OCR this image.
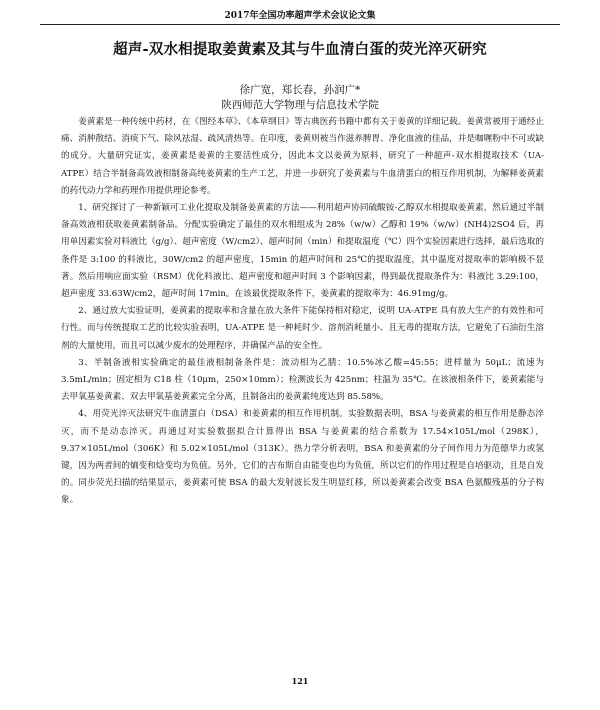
2017年全国功率超声学术会议论文集
超声-双水相提取姜黄素及其与牛血清白蛋的荧光淬灭研究
徐广宽，郑长春，孙润广*
陕西师范大学物理与信息技术学院

姜黄素是一种传统中药材，在《图经本草》、《本草纲目》等古典医药书籍中都有关于姜黄的详细记载。姜黄常被用于通经止痛、消肿散结、消痰下气、除风祛湿、疏风清热等。在印度，姜黄则被当作滋养脾胃、净化血液的佳品，并是咖喱粉中不可或缺的成分。大量研究证实，姜黄素是姜黄的主要活性成分，因此本文以姜黄为原料，研究了一种超声-双水相提取技术（UA-ATPE）结合半制备高效液相制备高纯姜黄素的生产工艺，并进一步研究了姜黄素与牛血清蛋白的相互作用机制，为解释姜黄素的药代动力学和药理作用提供理论参考。

1、研究探讨了一种新颖可工业化提取及制备姜黄素的方法——利用超声协同硫酸铵-乙醇双水相提取姜黄素，然后通过半制备高效液相获取姜黄素制备品。分配实验确定了最佳的双水相组成为 28%（w/w）乙醇和 19%（w/w）(NH4)2SO4 后，再用单因素实验对料液比（g/g）、超声密度（W/cm2）、超声时间（min）和提取温度（℃）四个实验因素进行选择，最后选取的条件是 3:100 的料液比，30W/cm2 的超声密度，15min 的超声时间和 25℃的提取温度，其中温度对提取率的影响极不显著。然后用响应面实验（RSM）优化料液比、超声密度和超声时间 3 个影响因素，得到最优提取条件为：料液比 3.29:100，超声密度 33.63W/cm2，超声时间 17min。在该最优提取条件下，姜黄素的提取率为：46.91mg/g。

2、通过放大实验证明，姜黄素的提取率和含量在放大条件下能保持相对稳定，说明 UA-ATPE 具有放大生产的有效性和可行性。而与传统提取工艺的比较实验表明，UA-ATPE 是一种耗时少、溶剂消耗量小、且无毒的提取方法，它避免了石油衍生溶剂的大量使用，而且可以减少废水的处理程序，并确保产品的安全性。

3、半制备液相实验确定的最佳液相制备条件是：流动相为乙腈：10.5%冰乙酸=45:55；进样量为 50μL；流速为 3.5mL/min；固定相为 C18 柱（10μm，250×10mm）；检测波长为 425nm；柱温为 35℃。在该液相条件下，姜黄素能与去甲氧基姜黄素、双去甲氧基姜黄素完全分离，且制备出的姜黄素纯度达到 85.58%。

4、用荧光淬灭法研究牛血清蛋白（DSA）和姜黄素的相互作用机制。实验数据表明，BSA 与姜黄素的相互作用是静态淬灭，而不是动态淬灭。再通过对实验数据拟合计算得出 BSA 与姜黄素的结合系数为 17.54×105L/mol（298K），9.37×105L/mol（306K）和 5.02×105L/mol（313K）。热力学分析表明，BSA 和姜黄素的分子间作用力为范德华力或氢键，因为两者间的熵变和焓变均为负值。另外，它们的吉布斯自由能变也均为负值，所以它们的作用过程是自培驱动，且是自发的。同步荧光扫描的结果显示，姜黄素可使 BSA 的最大发射波长发生明显红移，所以姜黄素会改变 BSA 色氨酸残基的分子构象。

121
